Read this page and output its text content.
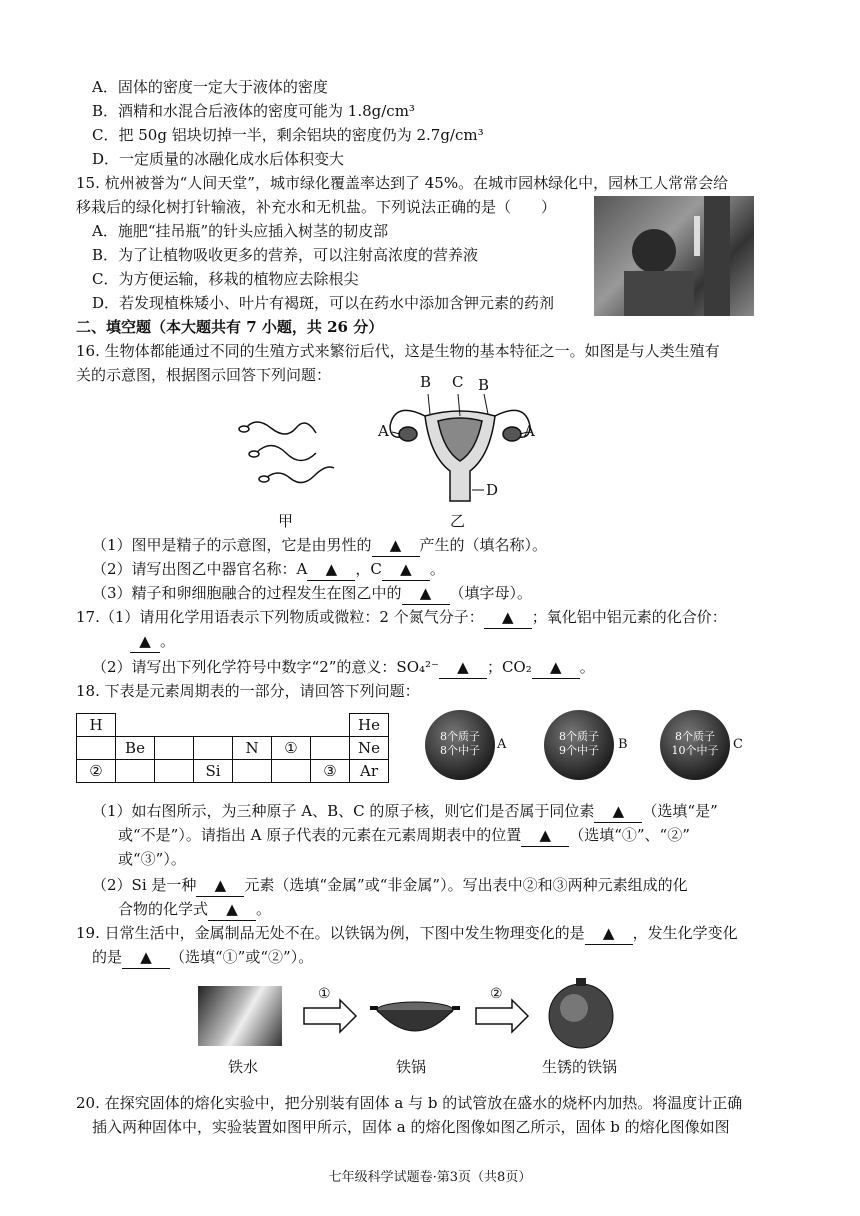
A．固体的密度一定大于液体的密度
B．酒精和水混合后液体的密度可能为 1.8g/cm³
C．把 50g 铝块切掉一半，剩余铝块的密度仍为 2.7g/cm³
D．一定质量的冰融化成水后体积变大
15. 杭州被誉为“人间天堂”，城市绿化覆盖率达到了 45%。在城市园林绿化中，园林工人常常会给
移栽后的绿化树打针输液，补充水和无机盐。下列说法正确的是（　　）
A．施肥“挂吊瓶”的针头应插入树茎的韧皮部
B．为了让植物吸收更多的营养，可以注射高浓度的营养液
C．为方便运输，移栽的植物应去除根尖
D．若发现植株矮小、叶片有褐斑，可以在药水中添加含钾元素的药剂
二、填空题（本大题共有 7 小题，共 26 分）
16. 生物体都能通过不同的生殖方式来繁衍后代，这是生物的基本特征之一。如图是与人类生殖有
关的示意图，根据图示回答下列问题：
甲
B C B
A	A
D
乙
（1）图甲是精子的示意图，它是由男性的 ▲	产生的（填名称）。
（2）请写出图乙中器官名称：A ▲	，C ▲	。
（3）精子和卵细胞融合的过程发生在图乙中的 ▲	（填字母）。
17.（1）请用化学用语表示下列物质或微粒：2 个氮气分子： ▲	；氧化铝中铝元素的化合价：
▲。
（2）请写出下列化学符号中数字“2”的意义：SO₄²⁻ ▲	；CO₂ ▲	。
18. 下表是元素周期表的一部分，请回答下列问题：
H							He
	Be			N	①		Ne
②			Si			③	Ar
8个质子
8个中子	A
8个质子
9个中子	B
8个质子
10个中子 C
（1）如右图所示，为三种原子 A、B、C 的原子核，则它们是否属于同位素 ▲	（选填“是”
或“不是”）。请指出 A 原子代表的元素在元素周期表中的位置 ▲	（选填“①”、“②”
或“③”）。
（2）Si 是一种 ▲	元素（选填“金属”或“非金属”）。写出表中②和③两种元素组成的化
合物的化学式 ▲	。
19. 日常生活中，金属制品无处不在。以铁锅为例，下图中发生物理变化的是 ▲	，发生化学变化
的是 ▲	（选填“①”或“②”）。
①	②
铁水	铁锅	生锈的铁锅
20. 在探究固体的熔化实验中，把分别装有固体 a 与 b 的试管放在盛水的烧杯内加热。将温度计正确
插入两种固体中，实验装置如图甲所示，固体 a 的熔化图像如图乙所示，固体 b 的熔化图像如图
七年级科学试题卷·第3页（共8页）
